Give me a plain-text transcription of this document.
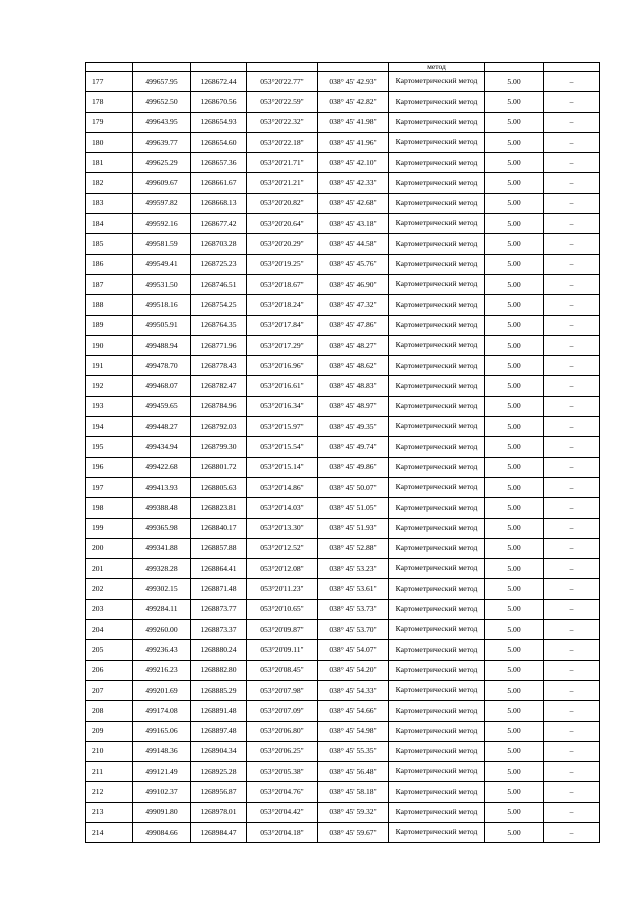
					метод		
177	499657.95	1268672.44	053°20'22.77"	038° 45' 42.93"	Картометрический метод	5.00	–
178	499652.50	1268670.56	053°20'22.59"	038° 45' 42.82"	Картометрический метод	5.00	–
179	499643.95	1268654.93	053°20'22.32"	038° 45' 41.98"	Картометрический метод	5.00	–
180	499639.77	1268654.60	053°20'22.18"	038° 45' 41.96"	Картометрический метод	5.00	–
181	499625.29	1268657.36	053°20'21.71"	038° 45' 42.10"	Картометрический метод	5.00	–
182	499609.67	1268661.67	053°20'21.21"	038° 45' 42.33"	Картометрический метод	5.00	–
183	499597.82	1268668.13	053°20'20.82"	038° 45' 42.68"	Картометрический метод	5.00	–
184	499592.16	1268677.42	053°20'20.64"	038° 45' 43.18"	Картометрический метод	5.00	–
185	499581.59	1268703.28	053°20'20.29"	038° 45' 44.58"	Картометрический метод	5.00	–
186	499549.41	1268725.23	053°20'19.25"	038° 45' 45.76"	Картометрический метод	5.00	–
187	499531.50	1268746.51	053°20'18.67"	038° 45' 46.90"	Картометрический метод	5.00	–
188	499518.16	1268754.25	053°20'18.24"	038° 45' 47.32"	Картометрический метод	5.00	–
189	499505.91	1268764.35	053°20'17.84"	038° 45' 47.86"	Картометрический метод	5.00	–
190	499488.94	1268771.96	053°20'17.29"	038° 45' 48.27"	Картометрический метод	5.00	–
191	499478.70	1268778.43	053°20'16.96"	038° 45' 48.62"	Картометрический метод	5.00	–
192	499468.07	1268782.47	053°20'16.61"	038° 45' 48.83"	Картометрический метод	5.00	–
193	499459.65	1268784.96	053°20'16.34"	038° 45' 48.97"	Картометрический метод	5.00	–
194	499448.27	1268792.03	053°20'15.97"	038° 45' 49.35"	Картометрический метод	5.00	–
195	499434.94	1268799.30	053°20'15.54"	038° 45' 49.74"	Картометрический метод	5.00	–
196	499422.68	1268801.72	053°20'15.14"	038° 45' 49.86"	Картометрический метод	5.00	–
197	499413.93	1268805.63	053°20'14.86"	038° 45' 50.07"	Картометрический метод	5.00	–
198	499388.48	1268823.81	053°20'14.03"	038° 45' 51.05"	Картометрический метод	5.00	–
199	499365.98	1268840.17	053°20'13.30"	038° 45' 51.93"	Картометрический метод	5.00	–
200	499341.88	1268857.88	053°20'12.52"	038° 45' 52.88"	Картометрический метод	5.00	–
201	499328.28	1268864.41	053°20'12.08"	038° 45' 53.23"	Картометрический метод	5.00	–
202	499302.15	1268871.48	053°20'11.23"	038° 45' 53.61"	Картометрический метод	5.00	–
203	499284.11	1268873.77	053°20'10.65"	038° 45' 53.73"	Картометрический метод	5.00	–
204	499260.00	1268873.37	053°20'09.87"	038° 45' 53.70"	Картометрический метод	5.00	–
205	499236.43	1268880.24	053°20'09.11"	038° 45' 54.07"	Картометрический метод	5.00	–
206	499216.23	1268882.80	053°20'08.45"	038° 45' 54.20"	Картометрический метод	5.00	–
207	499201.69	1268885.29	053°20'07.98"	038° 45' 54.33"	Картометрический метод	5.00	–
208	499174.08	1268891.48	053°20'07.09"	038° 45' 54.66"	Картометрический метод	5.00	–
209	499165.06	1268897.48	053°20'06.80"	038° 45' 54.98"	Картометрический метод	5.00	–
210	499148.36	1268904.34	053°20'06.25"	038° 45' 55.35"	Картометрический метод	5.00	–
211	499121.49	1268925.28	053°20'05.38"	038° 45' 56.48"	Картометрический метод	5.00	–
212	499102.37	1268956.87	053°20'04.76"	038° 45' 58.18"	Картометрический метод	5.00	–
213	499091.80	1268978.01	053°20'04.42"	038° 45' 59.32"	Картометрический метод	5.00	–
214	499084.66	1268984.47	053°20'04.18"	038° 45' 59.67"	Картометрический метод	5.00	–
